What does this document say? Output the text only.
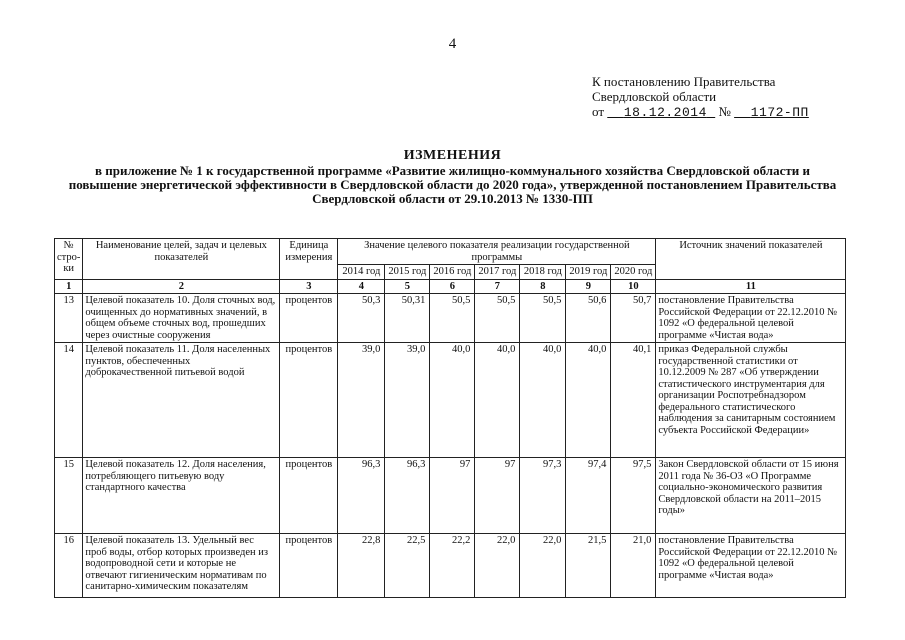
4
К постановлению Правительства
Свердловской области
от 18.12.2014 № 1172-ПП
ИЗМЕНЕНИЯ
в приложение № 1 к государственной программе «Развитие жилищно-коммунального хозяйства Свердловской области и
повышение энергетической эффективности в Свердловской области до 2020 года», утвержденной постановлением Правительства
Свердловской области от 29.10.2013 № 1330-ПП
№ стро-ки	Наименование целей, задач и целевых показателей	Единица измерения	Значение целевого показателя реализации государственной программы							Источник значений показателей
			2014 год	2015 год	2016 год	2017 год	2018 год	2019 год	2020 год	
1	2	3	4	5	6	7	8	9	10	11
13	Целевой показатель 10. Доля сточных вод, очищенных до нормативных значений, в общем объеме сточных вод, прошедших через очистные сооружения	процентов	50,3	50,31	50,5	50,5	50,5	50,6	50,7	постановление Правительства Российской Федерации от 22.12.2010 № 1092 «О федеральной целевой программе «Чистая вода»
14	Целевой показатель 11. Доля населенных пунктов, обеспеченных доброкачественной питьевой водой	процентов	39,0	39,0	40,0	40,0	40,0	40,0	40,1	приказ Федеральной службы государственной статистики от 10.12.2009 № 287 «Об утверждении статистического инструментария для организации Роспотребнадзором федерального статистического наблюдения за санитарным состоянием субъекта Российской Федерации»
15	Целевой показатель 12. Доля населения, потребляющего питьевую воду стандартного качества	процентов	96,3	96,3	97	97	97,3	97,4	97,5	Закон Свердловской области от 15 июня 2011 года № 36-ОЗ «О Программе социально-экономического развития Свердловской области на 2011–2015 годы»
16	Целевой показатель 13. Удельный вес проб воды, отбор которых произведен из водопроводной сети и которые не отвечают гигиеническим нормативам по санитарно-химическим показателям	процентов	22,8	22,5	22,2	22,0	22,0	21,5	21,0	постановление Правительства Российской Федерации от 22.12.2010 № 1092 «О федеральной целевой программе «Чистая вода»
